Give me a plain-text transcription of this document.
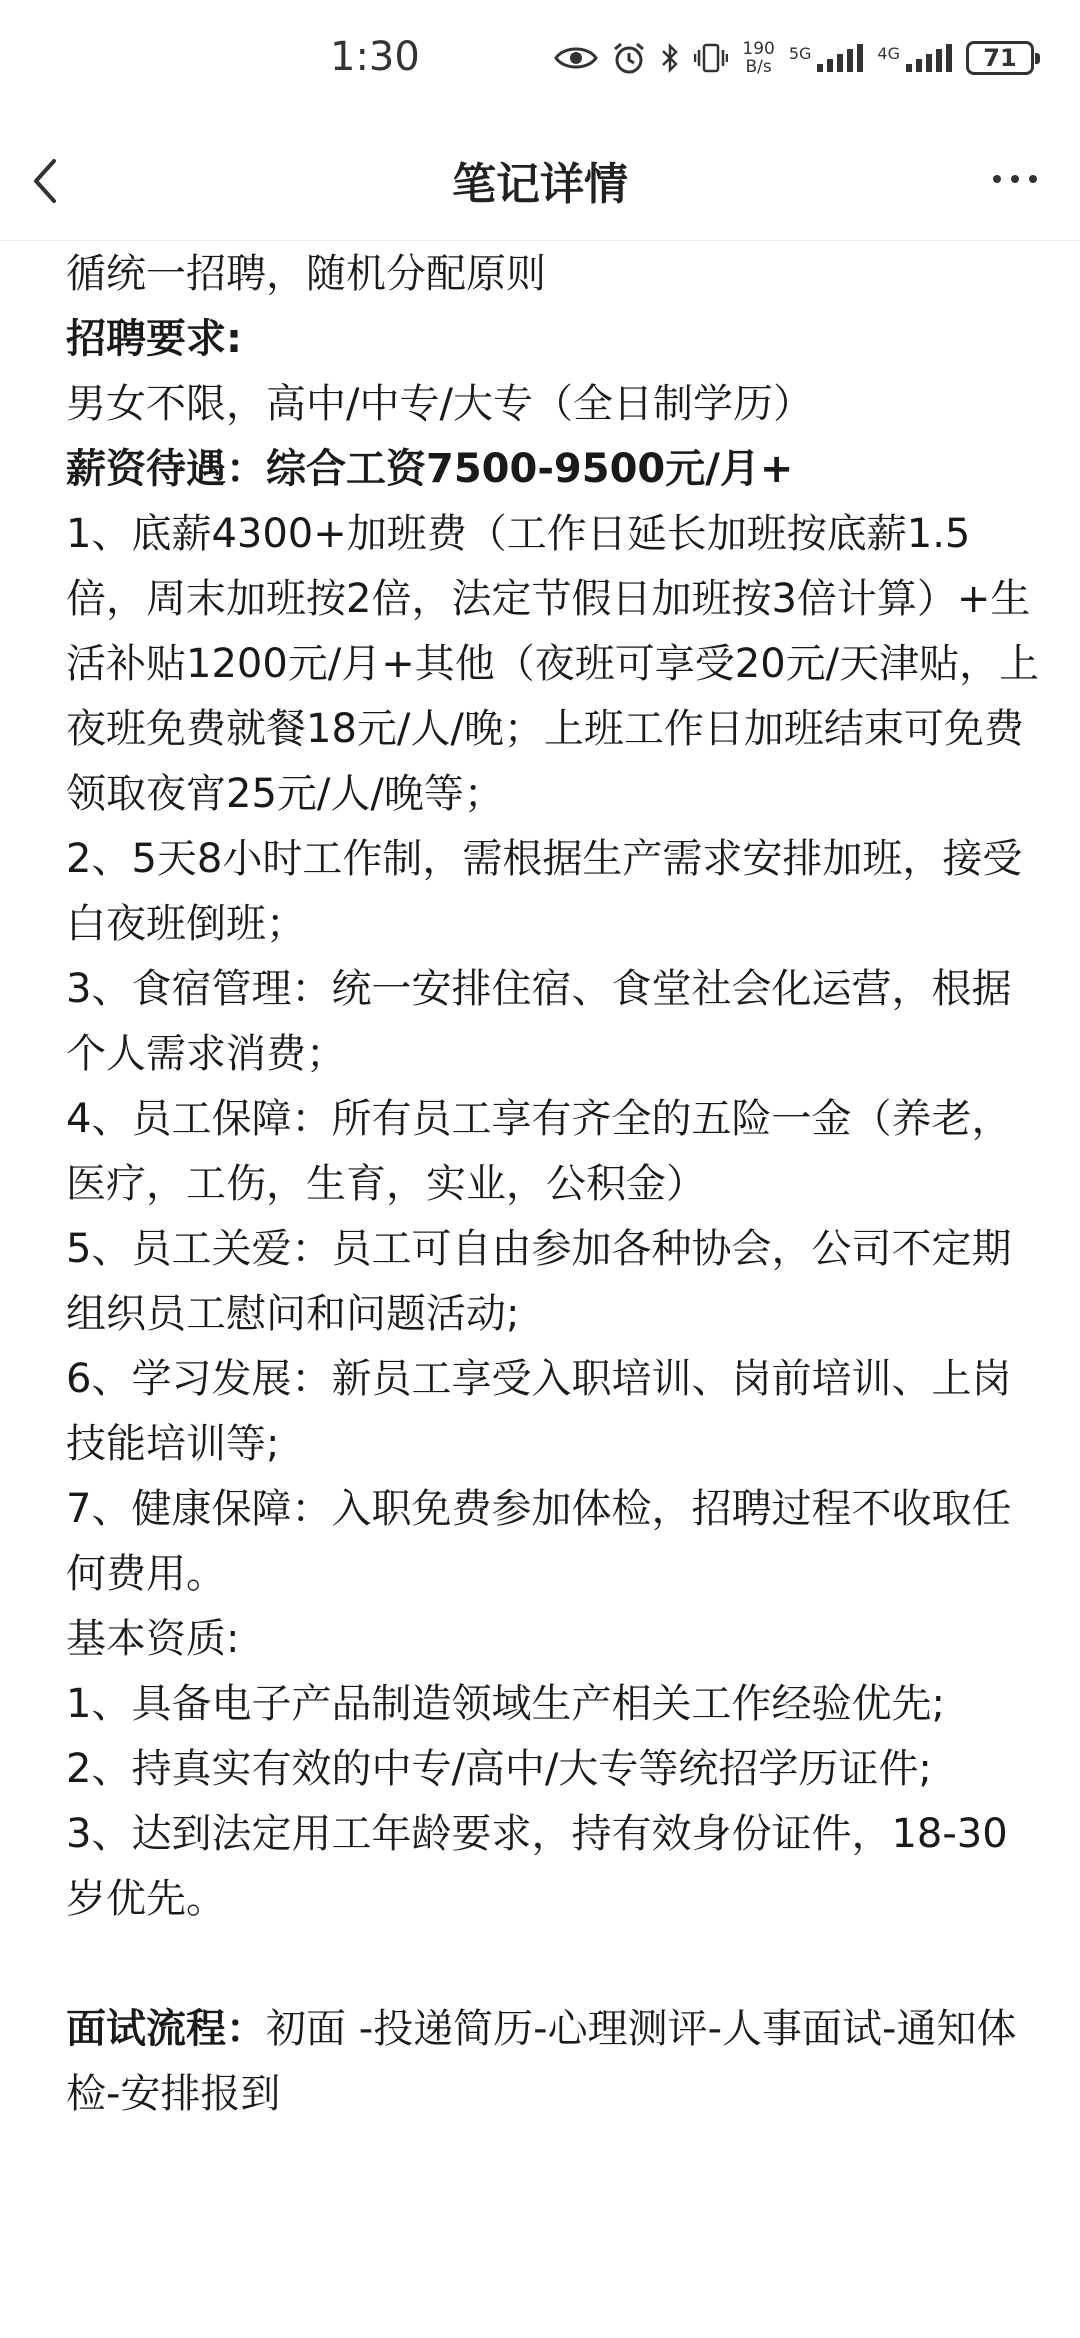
1:30	190
B/s
5G	4G	71
笔记详情

循统一招聘，随机分配原则

招聘要求:

男女不限，高中/中专/大专（全日制学历）

薪资待遇：综合工资7500-9500元/月+

1、底薪4300+加班费（工作日延长加班按底薪1.5倍，周末加班按2倍，法定节假日加班按3倍计算）+生活补贴1200元/月+其他（夜班可享受20元/天津贴，上夜班免费就餐18元/人/晚；上班工作日加班结束可免费领取夜宵25元/人/晚等；

2、5天8小时工作制，需根据生产需求安排加班，接受白夜班倒班；

3、食宿管理：统一安排住宿、食堂社会化运营，根据个人需求消费；

4、员工保障：所有员工享有齐全的五险一金（养老，医疗，工伤，生育，实业，公积金）

5、员工关爱：员工可自由参加各种协会，公司不定期组织员工慰问和问题活动;

6、学习发展：新员工享受入职培训、岗前培训、上岗技能培训等;

7、健康保障：入职免费参加体检，招聘过程不收取任何费用。

基本资质:

1、具备电子产品制造领域生产相关工作经验优先;

2、持真实有效的中专/高中/大专等统招学历证件;

3、达到法定用工年龄要求，持有效身份证件，18-30岁优先。

面试流程：初面 -投递简历-心理测评-人事面试-通知体检-安排报到
